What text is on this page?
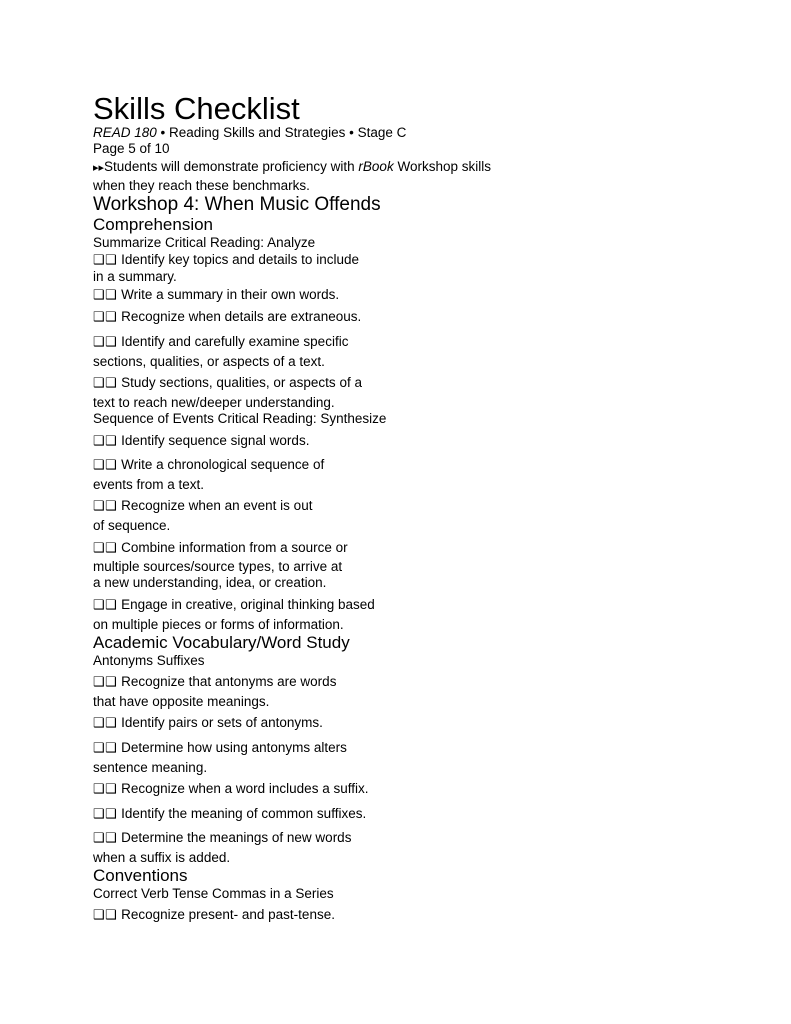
Skills Checklist
READ 180 • Reading Skills and Strategies • Stage C
Page 5 of 10
▸▸Students will demonstrate proficiency with rBook Workshop skills
when they reach these benchmarks.
Workshop 4: When Music Offends
Comprehension
Summarize Critical Reading: Analyze
❑❑ Identify key topics and details to include
in a summary.
❑❑ Write a summary in their own words.
❑❑ Recognize when details are extraneous.
❑❑ Identify and carefully examine specific
sections, qualities, or aspects of a text.
❑❑ Study sections, qualities, or aspects of a
text to reach new/deeper understanding.
Sequence of Events Critical Reading: Synthesize
❑❑ Identify sequence signal words.
❑❑ Write a chronological sequence of
events from a text.
❑❑ Recognize when an event is out
of sequence.
❑❑ Combine information from a source or
multiple sources/source types, to arrive at
a new understanding, idea, or creation.
❑❑ Engage in creative, original thinking based
on multiple pieces or forms of information.
Academic Vocabulary/Word Study
Antonyms Suffixes
❑❑ Recognize that antonyms are words
that have opposite meanings.
❑❑ Identify pairs or sets of antonyms.
❑❑ Determine how using antonyms alters
sentence meaning.
❑❑ Recognize when a word includes a suffix.
❑❑ Identify the meaning of common suffixes.
❑❑ Determine the meanings of new words
when a suffix is added.
Conventions
Correct Verb Tense Commas in a Series
❑❑ Recognize present- and past-tense.
